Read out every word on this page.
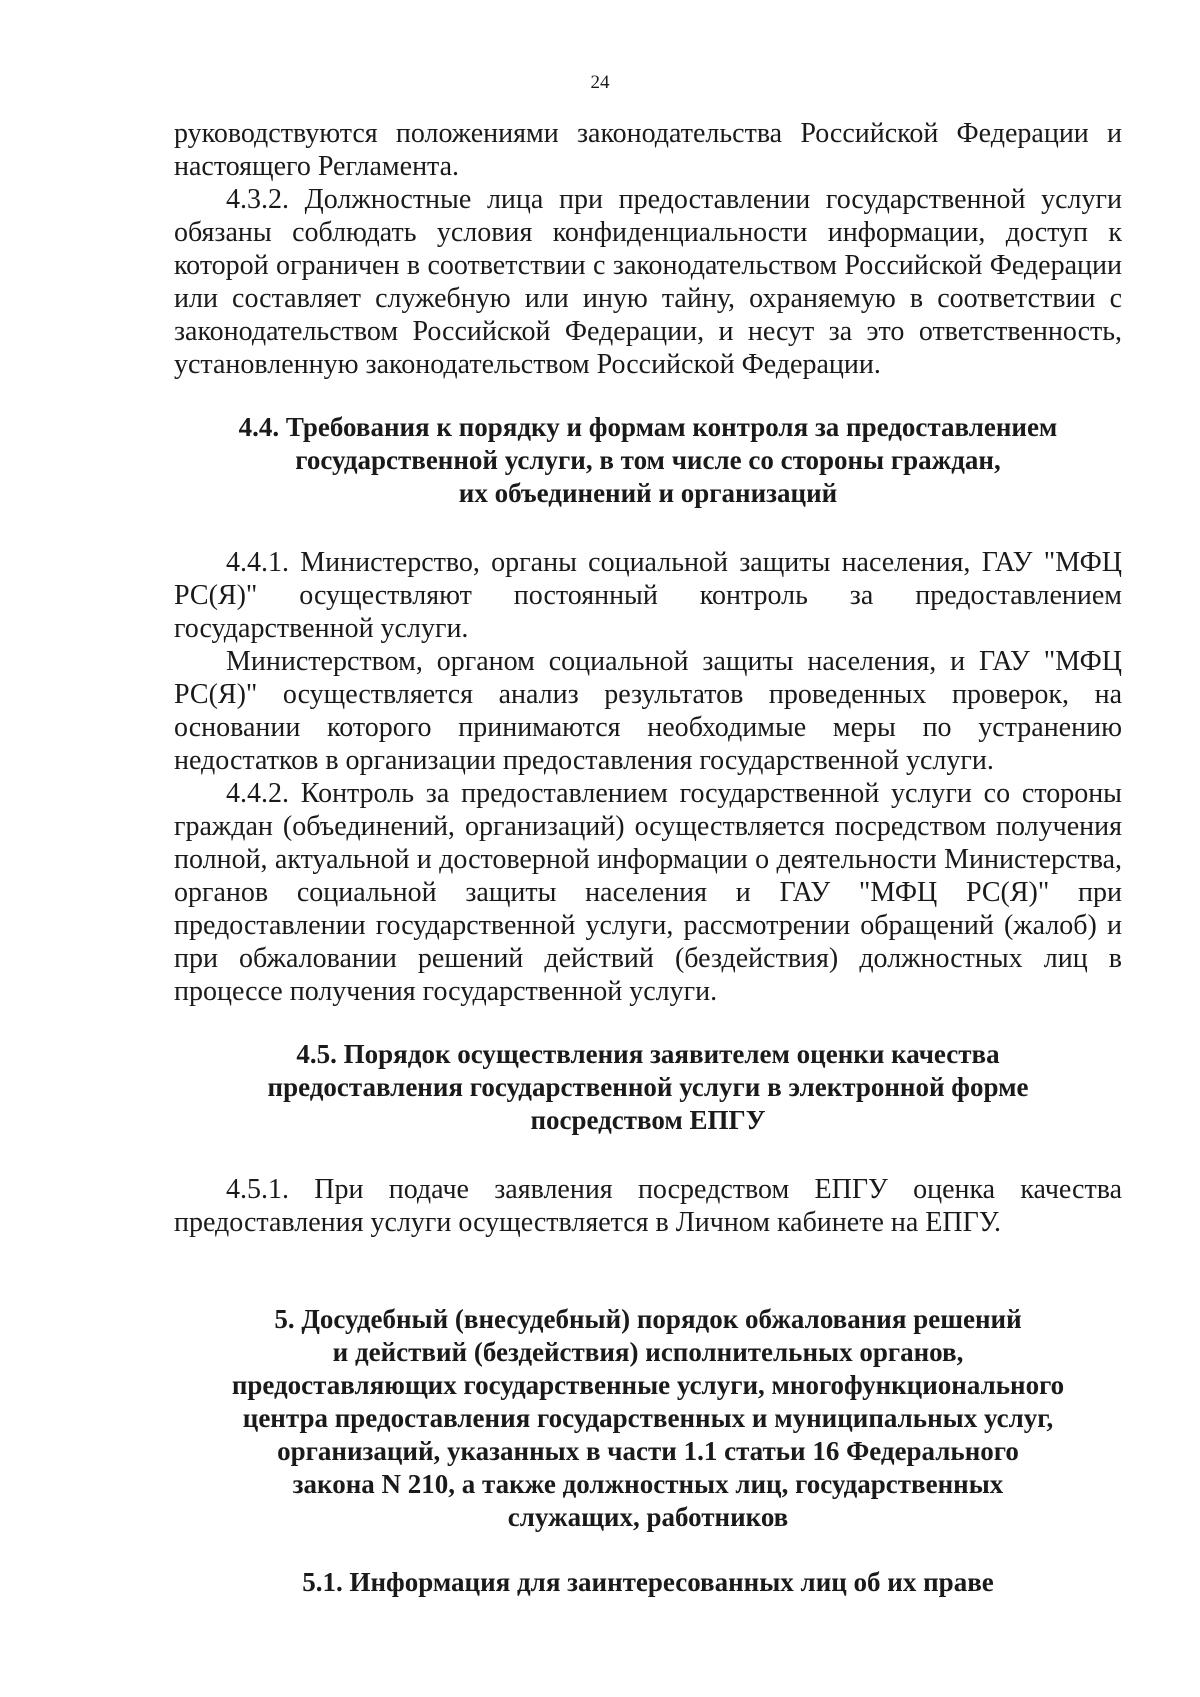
24

руководствуются положениями законодательства Российской Федерации и настоящего Регламента.

4.3.2. Должностные лица при предоставлении государственной услуги обязаны соблюдать условия конфиденциальности информации, доступ к которой ограничен в соответствии с законодательством Российской Федерации или составляет служебную или иную тайну, охраняемую в соответствии с законодательством Российской Федерации, и несут за это ответственность, установленную законодательством Российской Федерации.

4.4. Требования к порядку и формам контроля за предоставлением
государственной услуги, в том числе со стороны граждан,
их объединений и организаций

4.4.1. Министерство, органы социальной защиты населения, ГАУ "МФЦ РС(Я)" осуществляют постоянный контроль за предоставлением государственной услуги.

Министерством, органом социальной защиты населения, и ГАУ "МФЦ РС(Я)" осуществляется анализ результатов проведенных проверок, на основании которого принимаются необходимые меры по устранению недостатков в организации предоставления государственной услуги.

4.4.2. Контроль за предоставлением государственной услуги со стороны граждан (объединений, организаций) осуществляется посредством получения полной, актуальной и достоверной информации о деятельности Министерства, органов социальной защиты населения и ГАУ "МФЦ РС(Я)" при предоставлении государственной услуги, рассмотрении обращений (жалоб) и при обжаловании решений действий (бездействия) должностных лиц в процессе получения государственной услуги.

4.5. Порядок осуществления заявителем оценки качества
предоставления государственной услуги в электронной форме
посредством ЕПГУ

4.5.1. При подаче заявления посредством ЕПГУ оценка качества предоставления услуги осуществляется в Личном кабинете на ЕПГУ.

5. Досудебный (внесудебный) порядок обжалования решений
и действий (бездействия) исполнительных органов,
предоставляющих государственные услуги, многофункционального
центра предоставления государственных и муниципальных услуг,
организаций, указанных в части 1.1 статьи 16 Федерального
закона N 210, а также должностных лиц, государственных
служащих, работников
5.1. Информация для заинтересованных лиц об их праве
